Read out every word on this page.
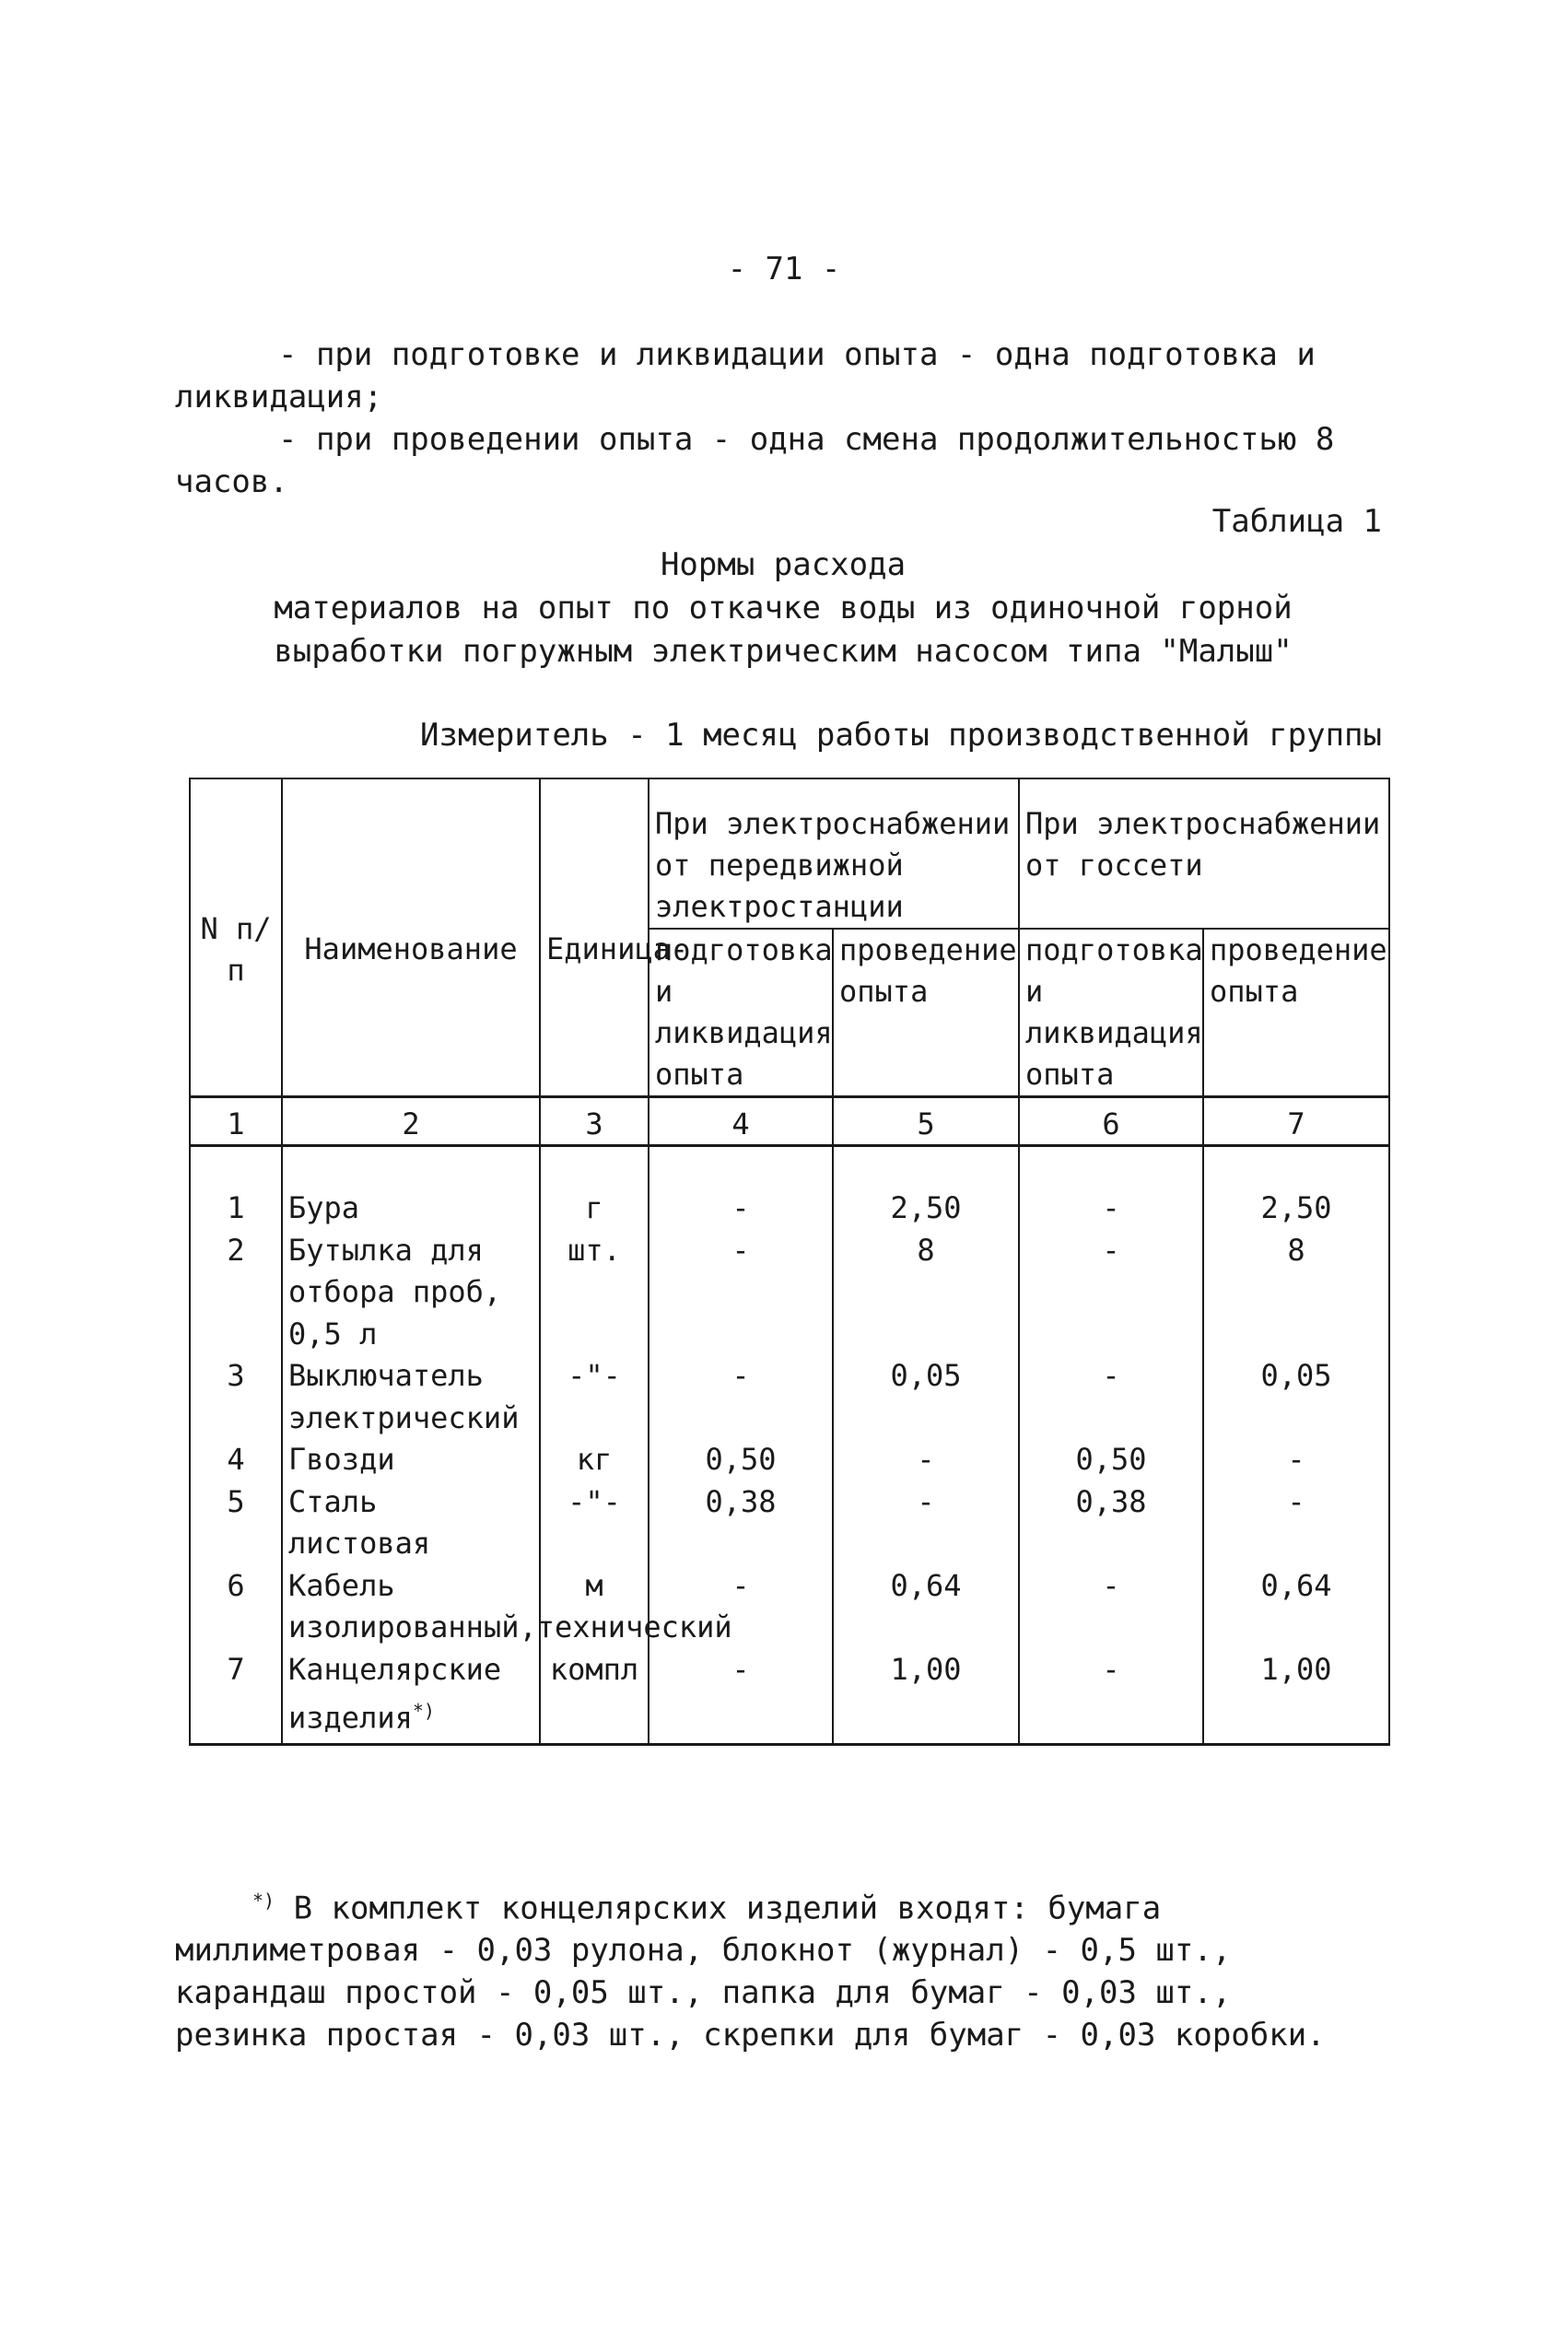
- 71 -

- при подготовке и ликвидации опыта - одна подготовка и ликвидация;

- при проведении опыта - одна смена продолжительностью 8 часов.

Таблица 1
Нормы расхода
материалов на опыт по откачке воды из одиночной горной
выработки погружным электрическим насосом типа "Малыш"
Измеритель - 1 месяц работы производственной группы
N п/п	Наименование	Единица-	При электроснабжении от передвижной электростанции		При электроснабжении от госсети	
			подготовка и ликвидация опыта	проведение опыта	подготовка и ликвидация опыта	проведение опыта
1	2	3	4	5	6	7
1	Бура	г	-	2,50	-	2,50
2	Бутылка для отбора проб, 0,5 л	шт.	-	8	-	8
3	Выключатель электрический	-"-	-	0,05	-	0,05
4	Гвозди	кг	0,50	-	0,50	-
5	Сталь листовая	-"-	0,38	-	0,38	-
6	Кабель изолированный,технический	м	-	0,64	-	0,64
7	Канцелярские изделия*)	компл	-	1,00	-	1,00

*) В комплект концелярских изделий входят: бумага миллиметровая - 0,03 рулона, блокнот (журнал) - 0,5 шт., карандаш простой - 0,05 шт., папка для бумаг - 0,03 шт., резинка простая - 0,03 шт., скрепки для бумаг - 0,03 коробки.
